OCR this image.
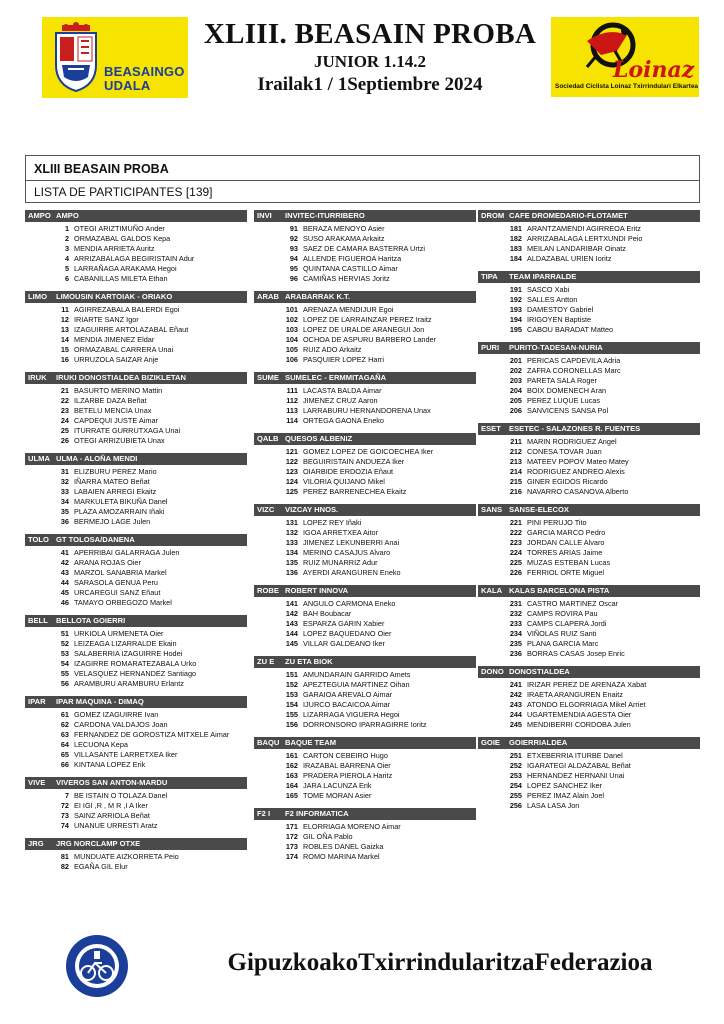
BEASAINGO UDALA
XLIII. BEASAIN PROBA
JUNIOR 1.14.2
Irailak1 / 1Septiembre 2024
Loinaz
Sociedad Ciclista Loinaz Txirrindulari Elkartea
XLIII BEASAIN PROBA
LISTA DE PARTICIPANTES [139]
AMPO AMPO
1 OTEGI ARIZTIMUÑO Ander
2 ORMAZABAL GALDOS Kepa
3 MENDIA ARRIETA Auritz
4 ARRIZABALAGA BEGIRISTAIN Adur
5 LARRAÑAGA ARAKAMA Hegoi
6 CABANILLAS MILETA Ethan
LIMO LIMOUSIN KARTOIAK - ORIAKO
11 AGIRREZABALA BALERDI Egoi
12 IRIARTE SANZ Igor
13 IZAGUIRRE ARTOLAZABAL Eñaut
14 MENDIA JIMENEZ Eldar
15 ORMAZABAL CARRERA Unai
16 URRUZOLA SAIZAR Anje
IRUK IRUKI DONOSTIALDEA BIZIKLETAN
21 BASURTO MERINO Mattin
22 ILZARBE DAZA Beñat
23 BETELU MENCIA Unax
24 CAPDEQUI JUSTE Aimar
25 ITURRATE GURRUTXAGA Unai
26 OTEGI ARRIZUBIETA Unax
ULMA ULMA - ALOÑA MENDI
31 ELIZBURU PEREZ Mario
32 IÑARRA MATEO Beñat
33 LABAIEN ARREGI Ekaitz
34 MARKULETA BIKUÑA Danel
35 PLAZA AMOZARRAIN Iñaki
36 BERMEJO LAGE Julen
TOLO GT TOLOSA/DANENA
41 APERRIBAI GALARRAGA Julen
42 ARANA ROJAS Oier
43 MARZOL SANABRIA Markel
44 SARASOLA GENUA Peru
45 URCAREGUI SANZ Eñaut
46 TAMAYO ORBEGOZO Markel
BELL BELLOTA GOIERRI
51 URKIOLA URMENETA Oier
52 LEIZEAGA LIZARRALDE Ekain
53 SALABERRIA IZAGUIRRE Hodei
54 IZAGIRRE ROMARATEZABALA Urko
55 VELASQUEZ HERNANDEZ Santiago
56 ARAMBURU ARAMBURU Erlantz
IPAR IPAR MAQUINA - DIMAQ
61 GOMEZ IZAGUIRRE Ivan
62 CARDONA VALDAJOS Joan
63 FERNANDEZ DE GOROSTIZA MITXELE Aimar
64 LECUONA Kepa
65 VILLASANTE LARRETXEA Iker
66 KINTANA LOPEZ Erik
VIVE VIVEROS SAN ANTON-MARDU
7 BE ISTAIN O TOLAZA Danel
72 EI IGI ,R , M R ,I A Iker
73 SAINZ ARRIOLA Beñat
74 UNANUE URRESTI Aratz
JRG JRG NORCLAMP OTXE
81 MUNDUATE AIZKORRETA Peio
82 EGAÑA GIL Elur
INVI INVITEC-ITURRIBERO
91 BERAZA MENOYO Asier
92 SUSO ARAKAMA Arkaitz
93 SAEZ DE CAMARA BASTERRA Urtzi
94 ALLENDE FIGUEROA Haritza
95 QUINTANA CASTILLO Aimar
96 CAMIÑAS HERVIAS Joritz
ARAB ARABARRAK K.T.
101 ARENAZA MENDIJUR Egoi
102 LOPEZ DE LARRAINZAR PEREZ Iraitz
103 LOPEZ DE URALDE ARANEGUI Jon
104 OCHOA DE ASPURU BARBERO Lander
105 RUIZ ADO Arkaitz
106 PASQUIER LOPEZ Harri
SUME SUMELEC - ERMMITAGAÑA
111 LACASTA BALDA Aimar
112 JIMENEZ CRUZ Aaron
113 LARRABURU HERNANDORENA Unax
114 ORTEGA GAONA Eneko
QALB QUESOS ALBENIZ
121 GOMEZ LOPEZ DE GOICOECHEA Iker
122 BEGUIRISTAIN ANDUEZA Iker
123 OIARBIDE ERDOZIA Eñaut
124 VILORIA QUIJANO Mikel
125 PEREZ BARRENECHEA Ekaitz
VIZC VIZCAY HNOS.
131 LOPEZ REY Iñaki
132 IGOA ARRETXEA Aitor
133 JIMENEZ LEKUNBERRI Anai
134 MERINO CASAJUS Alvaro
135 RUIZ MUNARRIZ Adur
136 AYERDI ARANGUREN Eneko
ROBE ROBERT INNOVA
141 ANGULO CARMONA Eneko
142 BAH Boubacar
143 ESPARZA GARIN Xabier
144 LOPEZ BAQUEDANO Oier
145 VILLAR GALDEANO Iker
ZU E ZU ETA BIOK
151 AMUNDARAIN GARRIDO Amets
152 APEZTEGUIA MARTINEZ Oihan
153 GARAIOA AREVALO Aimar
154 IJURCO BACAICOA Aimar
155 LIZARRAGA VIGUERA Hegoi
156 DORRONSORO IPARRAGIRRE Ioritz
BAQU BAQUE TEAM
161 CARTON CEBEIRO Hugo
162 IRAZABAL BARRENA Oier
163 PRADERA PIEROLA Haritz
164 JARA LACUNZA Erik
165 TOME MORAN Asier
F2 I F2 INFORMATICA
171 ELORRIAGA MORENO Aimar
172 GIL OÑA Pablo
173 ROBLES DANEL Gaizka
174 ROMO MARINA Markel
DROM CAFE DROMEDARIO-FLOTAMET
181 ARANTZAMENDI AGIRREOA Eritz
182 ARRIZABALAGA LERTXUNDI Peio
183 MEILAN LANDARIBAR Oinatz
184 ALDAZABAL URIEN Ioritz
TIPA TEAM IPARRALDE
191 SASCO Xabi
192 SALLES Antton
193 DAMESTOY Gabriel
194 IRIGOYEN Baptiste
195 CABOU BARADAT Matteo
PURI PURITO-TADESAN-NURIA
201 PERICAS CAPDEVILA Adria
202 ZAFRA CORONELLAS Marc
203 PARETA SALA Roger
204 BOIX DOMENECH Aran
205 PEREZ LUQUE Lucas
206 SANVICENS SANSA Pol
ESET ESETEC - SALAZONES R. FUENTES
211 MARIN RODRIGUEZ Angel
212 CONESA TOVAR Juan
213 MATEEV POPOV Mateo Matey
214 RODRIGUEZ ANDREO Alexis
215 GINER EGIDOS Ricardo
216 NAVARRO CASANOVA Alberto
SANS SANSE-ELECOX
221 PINI PERUJO Tito
222 GARCIA MARCO Pedro
223 JORDAN CALLE Alvaro
224 TORRES ARIAS Jaime
225 MUZAS ESTEBAN Lucas
226 FERRIOL ORTE Miguel
KALA KALAS BARCELONA PISTA
231 CASTRO MARTINEZ Oscar
232 CAMPS ROVIRA Pau
233 CAMPS CLAPERA Jordi
234 VIÑOLAS RUIZ Santi
235 PLANA GARCIA Marc
236 BORRAS CASAS Josep Enric
DONO DONOSTIALDEA
241 IRIZAR PEREZ DE ARENAZA Xabat
242 IRAETA ARANGUREN Enaitz
243 ATONDO ELGORRIAGA Mikel Arriet
244 UGARTEMENDIA AGESTA Oier
245 MENDIBERRI CORDOBA Julen
GOIE GOIERRIALDEA
251 ETXEBERRIA ITURBE Danel
252 IGARATEGI ALDAZABAL Beñat
253 HERNANDEZ HERNANI Unai
254 LOPEZ SANCHEZ Iker
255 PEREZ IMAZ Alain Joel
256 LASA LASA Jon
GipuzkoakoTxirrindularitzaFederazioa
